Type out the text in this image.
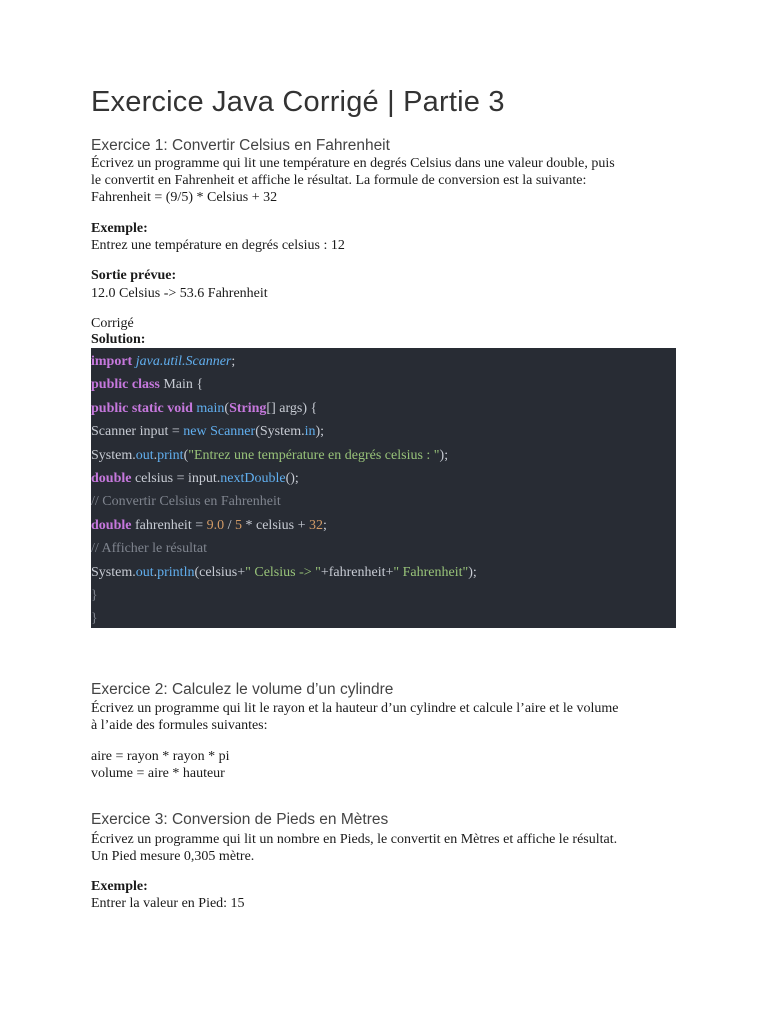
Exercice Java Corrigé | Partie 3
Exercice 1: Convertir Celsius en Fahrenheit

Écrivez un programme qui lit une température en degrés Celsius dans une valeur double, puis

le convertit en Fahrenheit et affiche le résultat. La formule de conversion est la suivante:

Fahrenheit = (9/5) * Celsius + 32

Exemple:

Entrez une température en degrés celsius : 12

Sortie prévue:

12.0 Celsius -> 53.6 Fahrenheit

Corrigé

Solution:

import java.util.Scanner;
public class Main {
public static void main(String[] args) {
Scanner input = new Scanner(System.in);
System.out.print("Entrez une température en degrés celsius : ");
double celsius = input.nextDouble();
// Convertir Celsius en Fahrenheit
double fahrenheit = 9.0 / 5 * celsius + 32;
// Afficher le résultat
System.out.println(celsius+" Celsius -> "+fahrenheit+" Fahrenheit");
}
}
Exercice 2: Calculez le volume d’un cylindre

Écrivez un programme qui lit le rayon et la hauteur d’un cylindre et calcule l’aire et le volume

à l’aide des formules suivantes:

aire = rayon * rayon * pi

volume = aire * hauteur

Exercice 3: Conversion de Pieds en Mètres

Écrivez un programme qui lit un nombre en Pieds, le convertit en Mètres et affiche le résultat.

Un Pied mesure 0,305 mètre.

Exemple:

Entrer la valeur en Pied: 15
